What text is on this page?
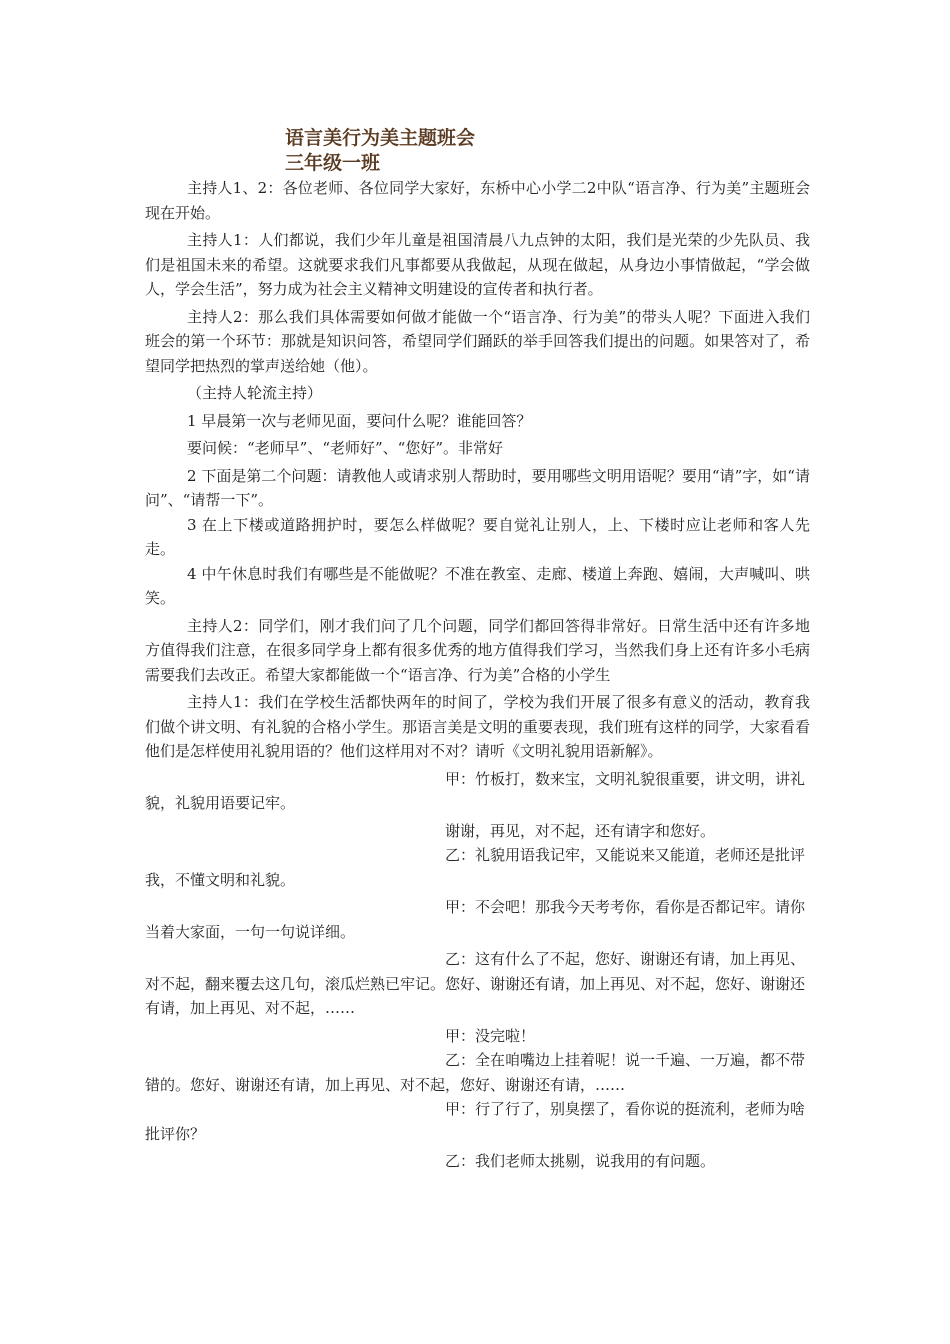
语言美行为美主题班会
三年级一班

主持人1、2：各位老师、各位同学大家好，东桥中心小学二2中队“语言净、行为美”主题班会现在开始。

主持人1：人们都说，我们少年儿童是祖国清晨八九点钟的太阳，我们是光荣的少先队员、我们是祖国未来的希望。这就要求我们凡事都要从我做起，从现在做起，从身边小事情做起，“学会做人，学会生活”，努力成为社会主义精神文明建设的宣传者和执行者。

主持人2：那么我们具体需要如何做才能做一个“语言净、行为美”的带头人呢？下面进入我们班会的第一个环节：那就是知识问答，希望同学们踊跃的举手回答我们提出的问题。如果答对了，希望同学把热烈的掌声送给她（他）。

（主持人轮流主持）

1 早晨第一次与老师见面，要问什么呢？谁能回答？

要问候：“老师早”、“老师好”、“您好”。非常好

2 下面是第二个问题：请教他人或请求别人帮助时，要用哪些文明用语呢？要用“请”字，如“请问”、“请帮一下”。

3 在上下楼或道路拥护时，要怎么样做呢？要自觉礼让别人，上、下楼时应让老师和客人先走。

4 中午休息时我们有哪些是不能做呢？不准在教室、走廊、楼道上奔跑、嬉闹，大声喊叫、哄笑。

主持人2：同学们，刚才我们问了几个问题，同学们都回答得非常好。日常生活中还有许多地方值得我们注意，在很多同学身上都有很多优秀的地方值得我们学习，当然我们身上还有许多小毛病需要我们去改正。希望大家都能做一个“语言净、行为美”合格的小学生

主持人1：我们在学校生活都快两年的时间了，学校为我们开展了很多有意义的活动，教育我们做个讲文明、有礼貌的合格小学生。那语言美是文明的重要表现，我们班有这样的同学，大家看看他们是怎样使用礼貌用语的？他们这样用对不对？请听《文明礼貌用语新解》。

甲：竹板打，数来宝，文明礼貌很重要，讲文明，讲礼貌，礼貌用语要记牢。

谢谢，再见，对不起，还有请字和您好。

乙：礼貌用语我记牢，又能说来又能道，老师还是批评我，不懂文明和礼貌。

甲：不会吧！那我今天考考你，看你是否都记牢。请你当着大家面，一句一句说详细。

乙：这有什么了不起，您好、谢谢还有请，加上再见、对不起，翻来覆去这几句，滚瓜烂熟已牢记。您好、谢谢还有请，加上再见、对不起，您好、谢谢还有请，加上再见、对不起，……

甲：没完啦！

乙：全在咱嘴边上挂着呢！说一千遍、一万遍，都不带错的。您好、谢谢还有请，加上再见、对不起，您好、谢谢还有请，……

甲：行了行了，别臭摆了，看你说的挺流利，老师为啥批评你？

乙：我们老师太挑剔，说我用的有问题。
